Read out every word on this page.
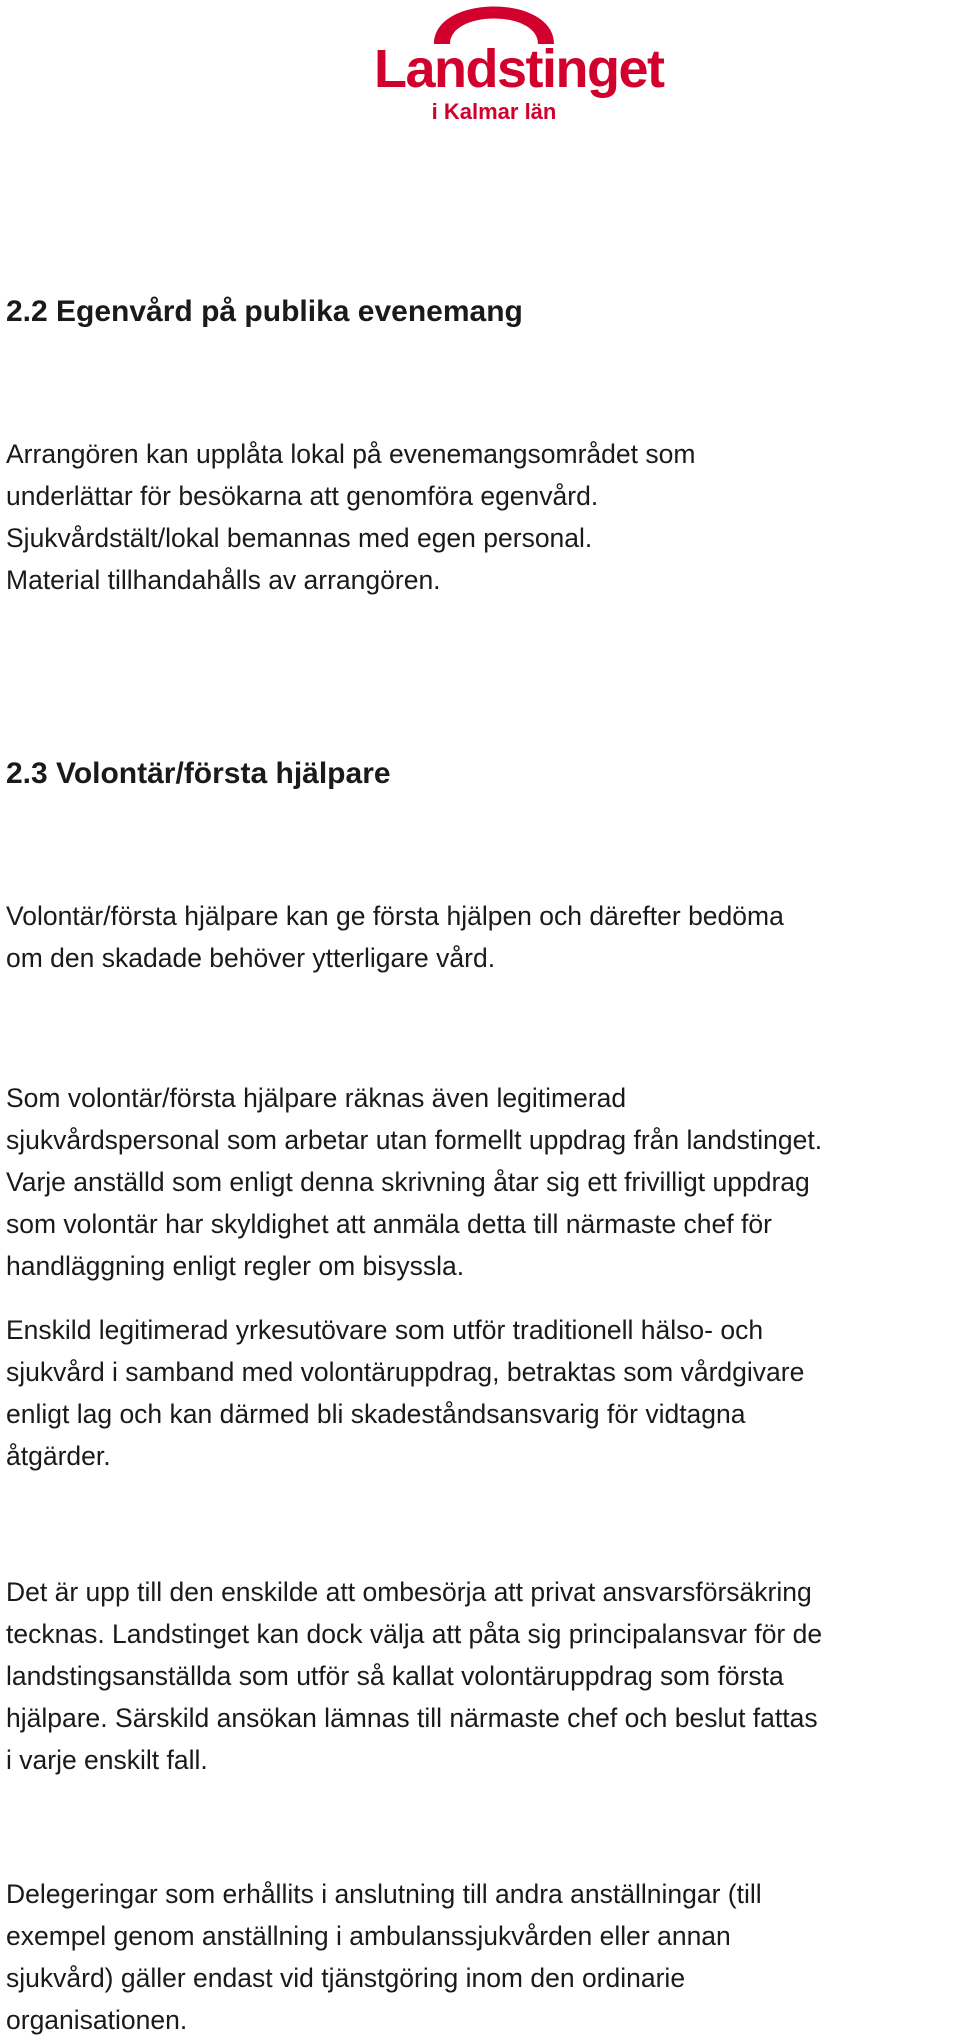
Landstinget
i Kalmar län
2.2 Egenvård på publika evenemang

Arrangören kan upplåta lokal på evenemangsområdet som
underlättar för besökarna att genomföra egenvård.

Sjukvårdstält/lokal bemannas med egen personal.

Material tillhandahålls av arrangören.

2.3 Volontär/första hjälpare

Volontär/första hjälpare kan ge första hjälpen och därefter bedöma
om den skadade behöver ytterligare vård.

Som volontär/första hjälpare räknas även legitimerad
sjukvårdspersonal som arbetar utan formellt uppdrag från landstinget.
Varje anställd som enligt denna skrivning åtar sig ett frivilligt uppdrag
som volontär har skyldighet att anmäla detta till närmaste chef för
handläggning enligt regler om bisyssla.

Enskild legitimerad yrkesutövare som utför traditionell hälso- och
sjukvård i samband med volontäruppdrag, betraktas som vårdgivare
enligt lag och kan därmed bli skadeståndsansvarig för vidtagna
åtgärder.

Det är upp till den enskilde att ombesörja att privat ansvarsförsäkring
tecknas. Landstinget kan dock välja att påta sig principalansvar för de
landstingsanställda som utför så kallat volontäruppdrag som första
hjälpare. Särskild ansökan lämnas till närmaste chef och beslut fattas
i varje enskilt fall.

Delegeringar som erhållits i anslutning till andra anställningar (till
exempel genom anställning i ambulanssjukvården eller annan
sjukvård) gäller endast vid tjänstgöring inom den ordinarie
organisationen.
